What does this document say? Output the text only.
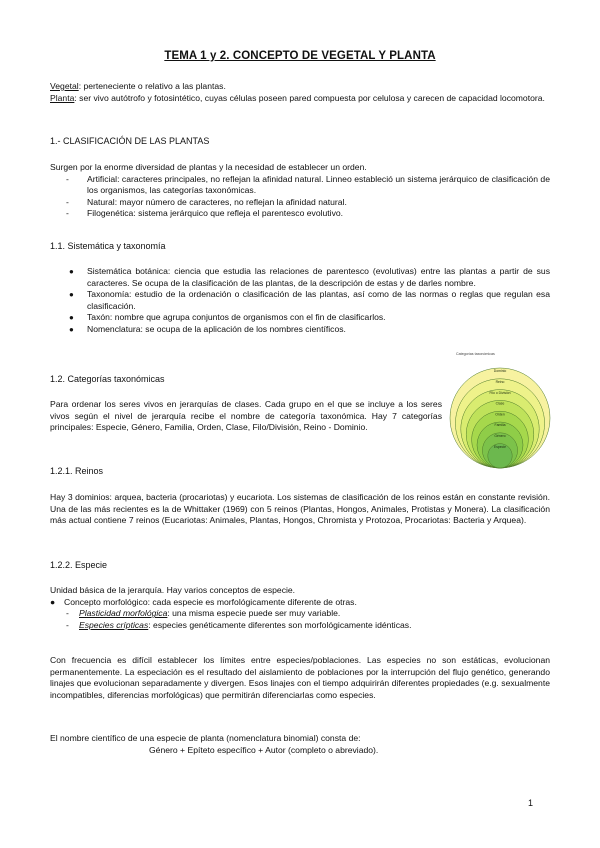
TEMA 1 y 2. CONCEPTO DE VEGETAL Y PLANTA
Vegetal: perteneciente o relativo a las plantas.
Planta: ser vivo autótrofo y fotosintético, cuyas células poseen pared compuesta por celulosa y carecen de capacidad locomotora.
1.- CLASIFICACIÓN DE LAS PLANTAS
Surgen por la enorme diversidad de plantas y la necesidad de establecer un orden.
- Artificial: caracteres principales, no reflejan la afinidad natural. Linneo estableció un sistema jerárquico de clasificación de los organismos, las categorías taxonómicas.
- Natural: mayor número de caracteres, no reflejan la afinidad natural.
- Filogenética: sistema jerárquico que refleja el parentesco evolutivo.
1.1. Sistemática y taxonomía
● Sistemática botánica: ciencia que estudia las relaciones de parentesco (evolutivas) entre las plantas a partir de sus caracteres. Se ocupa de la clasificación de las plantas, de la descripción de estas y de darles nombre.
● Taxonomía: estudio de la ordenación o clasificación de las plantas, así como de las normas o reglas que regulan esa clasificación.
● Taxón: nombre que agrupa conjuntos de organismos con el fin de clasificarlos.
● Nomenclatura: se ocupa de la aplicación de los nombres científicos.
1.2. Categorías taxonómicas
Para ordenar los seres vivos en jerarquías de clases. Cada grupo en el que se incluye a los seres vivos según el nivel de jerarquía recibe el nombre de categoría taxonómica. Hay 7 categorías principales: Especie, Género, Familia, Orden, Clase, Filo/División, Reino - Dominio.
Categorías taxonómicas
Dominio
Reino
Filo o División
Clase
Orden
Familia
Género
Especie
1.2.1. Reinos
Hay 3 dominios: arquea, bacteria (procariotas) y eucariota. Los sistemas de clasificación de los reinos están en constante revisión. Una de las más recientes es la de Whittaker (1969) con 5 reinos (Plantas, Hongos, Animales, Protistas y Monera). La clasificación más actual contiene 7 reinos (Eucariotas: Animales, Plantas, Hongos, Chromista y Protozoa, Procariotas: Bacteria y Arquea).
1.2.2. Especie
Unidad básica de la jerarquía. Hay varios conceptos de especie.
● Concepto morfológico: cada especie es morfológicamente diferente de otras.
- Plasticidad morfológica: una misma especie puede ser muy variable.
- Especies crípticas: especies genéticamente diferentes son morfológicamente idénticas.
Con frecuencia es difícil establecer los límites entre especies/poblaciones. Las especies no son estáticas, evolucionan permanentemente. La especiación es el resultado del aislamiento de poblaciones por la interrupción del flujo genético, generando linajes que evolucionan separadamente y divergen. Esos linajes con el tiempo adquirirán diferentes propiedades (e.g. sexualmente incompatibles, diferencias morfológicas) que permitirán diferenciarlas como especies.
El nombre científico de una especie de planta (nomenclatura binomial) consta de:
Género + Epíteto específico + Autor (completo o abreviado).
1
